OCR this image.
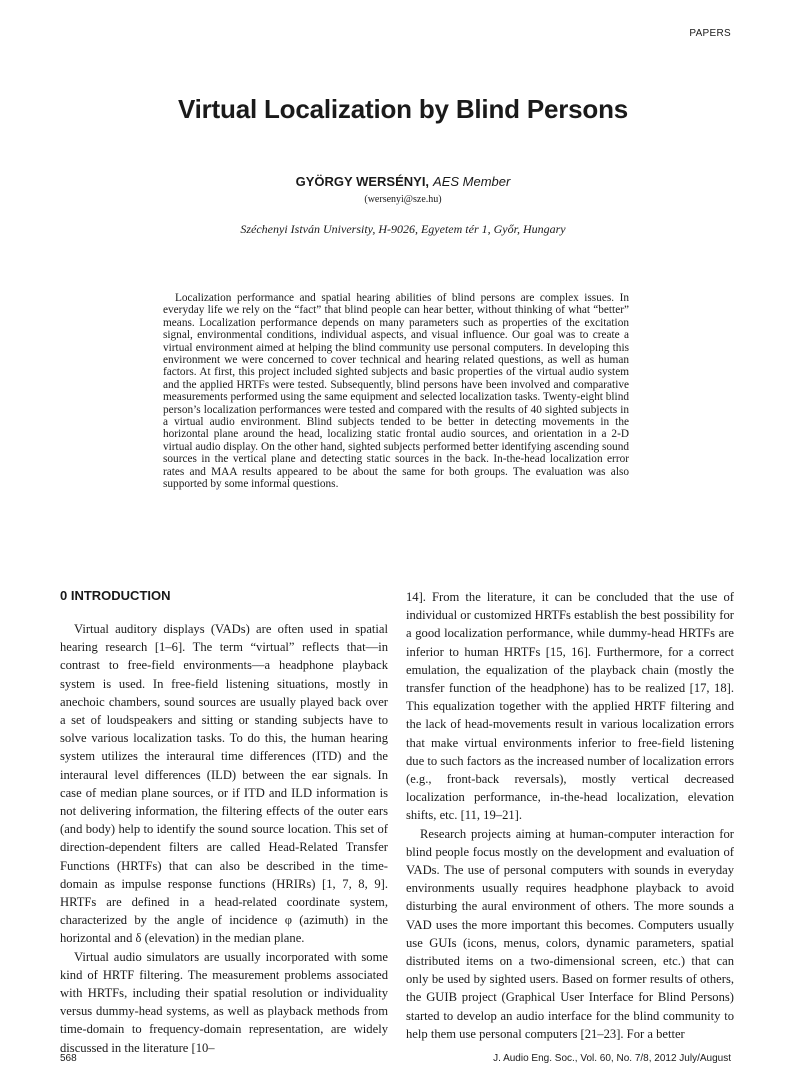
PAPERS
Virtual Localization by Blind Persons
GYÖRGY WERSÉNYI, AES Member
(wersenyi@sze.hu)
Széchenyi István University, H-9026, Egyetem tér 1, Győr, Hungary

Localization performance and spatial hearing abilities of blind persons are complex issues. In everyday life we rely on the “fact” that blind people can hear better, without thinking of what “better” means. Localization performance depends on many parameters such as properties of the excitation signal, environmental conditions, individual aspects, and visual influence. Our goal was to create a virtual environment aimed at helping the blind community use personal computers. In developing this environment we were concerned to cover technical and hearing related questions, as well as human factors. At first, this project included sighted subjects and basic properties of the virtual audio system and the applied HRTFs were tested. Subsequently, blind persons have been involved and comparative measurements performed using the same equipment and selected localization tasks. Twenty-eight blind person’s localization performances were tested and compared with the results of 40 sighted subjects in a virtual audio environment. Blind subjects tended to be better in detecting movements in the horizontal plane around the head, localizing static frontal audio sources, and orientation in a 2-D virtual audio display. On the other hand, sighted subjects performed better identifying ascending sound sources in the vertical plane and detecting static sources in the back. In-the-head localization error rates and MAA results appeared to be about the same for both groups. The evaluation was also supported by some informal questions.

0 INTRODUCTION

Virtual auditory displays (VADs) are often used in spatial hearing research [1–6]. The term “virtual” reflects that—in contrast to free-field environments—a headphone playback system is used. In free-field listening situations, mostly in anechoic chambers, sound sources are usually played back over a set of loudspeakers and sitting or standing subjects have to solve various localization tasks. To do this, the human hearing system utilizes the interaural time differences (ITD) and the interaural level differences (ILD) between the ear signals. In case of median plane sources, or if ITD and ILD information is not delivering information, the filtering effects of the outer ears (and body) help to identify the sound source location. This set of direction-dependent filters are called Head-Related Transfer Functions (HRTFs) that can also be described in the time-domain as impulse response functions (HRIRs) [1, 7, 8, 9]. HRTFs are defined in a head-related coordinate system, characterized by the angle of incidence φ (azimuth) in the horizontal and δ (elevation) in the median plane.

Virtual audio simulators are usually incorporated with some kind of HRTF filtering. The measurement problems associated with HRTFs, including their spatial resolution or individuality versus dummy-head systems, as well as playback methods from time-domain to frequency-domain representation, are widely discussed in the literature [10–

14]. From the literature, it can be concluded that the use of individual or customized HRTFs establish the best possibility for a good localization performance, while dummy-head HRTFs are inferior to human HRTFs [15, 16]. Furthermore, for a correct emulation, the equalization of the playback chain (mostly the transfer function of the headphone) has to be realized [17, 18]. This equalization together with the applied HRTF filtering and the lack of head-movements result in various localization errors that make virtual environments inferior to free-field listening due to such factors as the increased number of localization errors (e.g., front-back reversals), mostly vertical decreased localization performance, in-the-head localization, elevation shifts, etc. [11, 19–21].

Research projects aiming at human-computer interaction for blind people focus mostly on the development and evaluation of VADs. The use of personal computers with sounds in everyday environments usually requires headphone playback to avoid disturbing the aural environment of others. The more sounds a VAD uses the more important this becomes. Computers usually use GUIs (icons, menus, colors, dynamic parameters, spatial distributed items on a two-dimensional screen, etc.) that can only be used by sighted users. Based on former results of others, the GUIB project (Graphical User Interface for Blind Persons) started to develop an audio interface for the blind community to help them use personal computers [21–23]. For a better

568	J. Audio Eng. Soc., Vol. 60, No. 7/8, 2012 July/August
